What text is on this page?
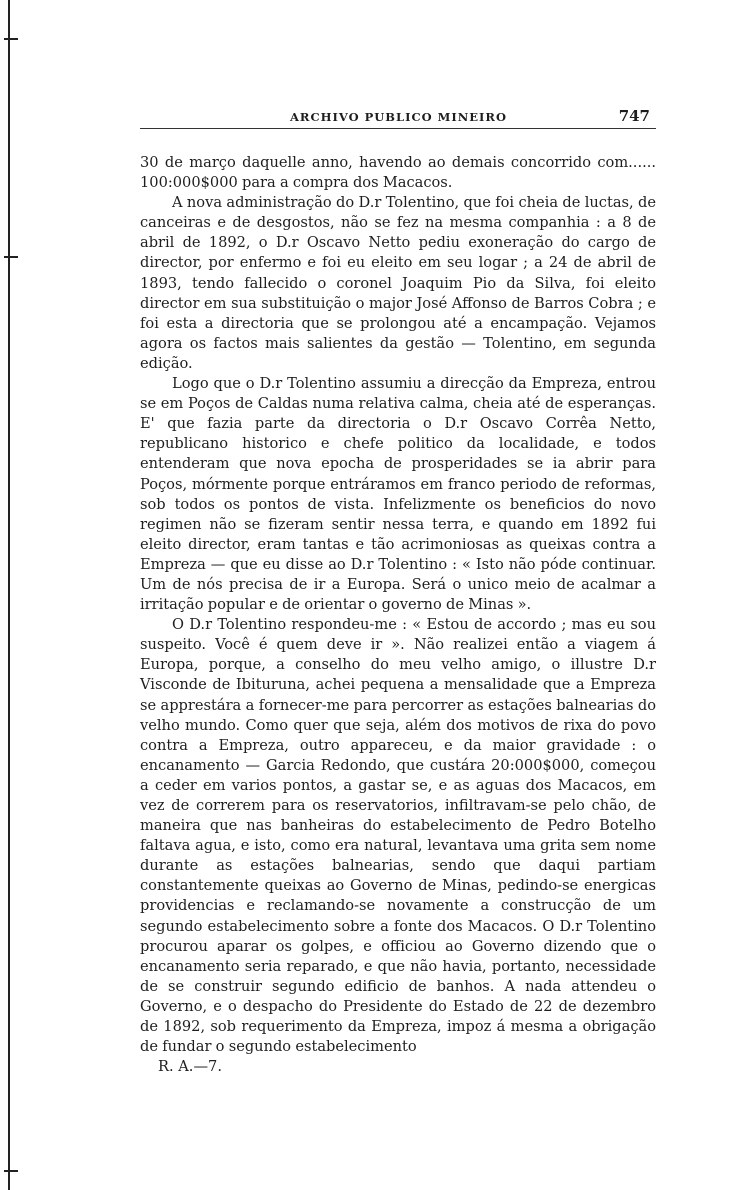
ARCHIVO PUBLICO MINEIRO	747

30 de março daquelle anno, havendo ao demais concorrido com...... 100:000$000 para a compra dos Macacos.

A nova administração do D.r Tolentino, que foi cheia de luctas, de canceiras e de desgostos, não se fez na mesma companhia : a 8 de abril de 1892, o D.r Oscavo Netto pediu exoneração do cargo de director, por enfermo e foi eu eleito em seu logar ; a 24 de abril de 1893, tendo fallecido o coronel Joaquim Pio da Silva, foi eleito director em sua substituição o major José Affonso de Barros Cobra ; e foi esta a directoria que se prolongou até a encampação. Vejamos agora os factos mais salientes da gestão — Tolentino, em segunda edição.

Logo que o D.r Tolentino assumiu a direcção da Empreza, entrou se em Poços de Caldas numa relativa calma, cheia até de esperanças. E' que fazia parte da directoria o D.r Oscavo Corrêa Netto, republicano historico e chefe politico da localidade, e todos entenderam que nova epocha de prosperidades se ia abrir para Poços, mórmente porque entráramos em franco periodo de reformas, sob todos os pontos de vista. Infelizmente os beneficios do novo regimen não se fizeram sentir nessa terra, e quando em 1892 fui eleito director, eram tantas e tão acrimoniosas as queixas contra a Empreza — que eu disse ao D.r Tolentino : « Isto não póde continuar. Um de nós precisa de ir a Europa. Será o unico meio de acalmar a irritação popular e de orientar o governo de Minas ».

O D.r Tolentino respondeu-me : « Estou de accordo ; mas eu sou suspeito. Você é quem deve ir ». Não realizei então a viagem á Europa, porque, a conselho do meu velho amigo, o illustre D.r Visconde de Ibituruna, achei pequena a mensalidade que a Empreza se apprestára a fornecer-me para percorrer as estações balnearias do velho mundo. Como quer que seja, além dos motivos de rixa do povo contra a Empreza, outro appareceu, e da maior gravidade : o encanamento — Garcia Redondo, que custára 20:000$000, começou a ceder em varios pontos, a gastar se, e as aguas dos Macacos, em vez de correrem para os reservatorios, infiltravam-se pelo chão, de maneira que nas banheiras do estabelecimento de Pedro Botelho faltava agua, e isto, como era natural, levantava uma grita sem nome durante as estações balnearias, sendo que daqui partiam constantemente queixas ao Governo de Minas, pedindo-se energicas providencias e reclamando-se novamente a construcção de um segundo estabelecimento sobre a fonte dos Macacos. O D.r Tolentino procurou aparar os golpes, e officiou ao Governo dizendo que o encanamento seria reparado, e que não havia, portanto, necessidade de se construir segundo edificio de banhos. A nada attendeu o Governo, e o despacho do Presidente do Estado de 22 de dezembro de 1892, sob requerimento da Empreza, impoz á mesma a obrigação de fundar o segundo estabelecimento

R. A.—7.
